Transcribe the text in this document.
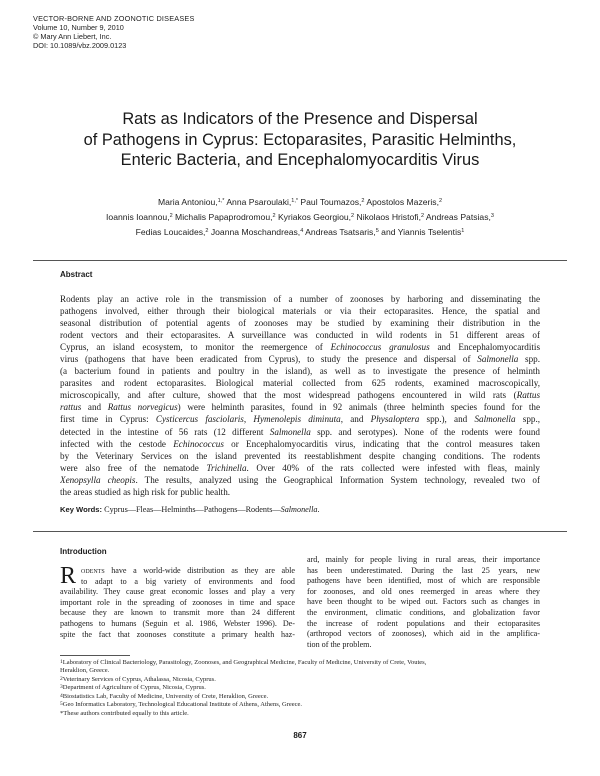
VECTOR-BORNE AND ZOONOTIC DISEASES
Volume 10, Number 9, 2010
© Mary Ann Liebert, Inc.
DOI: 10.1089/vbz.2009.0123
Rats as Indicators of the Presence and Dispersal
of Pathogens in Cyprus: Ectoparasites, Parasitic Helminths,
Enteric Bacteria, and Encephalomyocarditis Virus
Maria Antoniou,$^{1,*}$ Anna Psaroulaki,$^{1,*}$ Paul Toumazos,$^2$ Apostolos Mazeris,$^2$
Ioannis Ioannou,$^2$ Michalis Papaprodromou,$^2$ Kyriakos Georgiou,$^2$ Nikolaos Hristofi,$^2$ Andreas Patsias,$^3$
Fedias Loucaides,$^2$ Joanna Moschandreas,$^4$ Andreas Tsatsaris,$^5$ and Yiannis Tselentis$^1$
Abstract
Rodents play an active role in the transmission of a number of zoonoses by harboring and disseminating the
pathogens involved, either through their biological materials or via their ectoparasites. Hence, the spatial and
seasonal distribution of potential agents of zoonoses may be studied by examining their distribution in the
rodent vectors and their ectoparasites. A surveillance was conducted in wild rodents in 51 different areas of
Cyprus, an island ecosystem, to monitor the reemergence of Echinococcus granulosus and Encephalomyocarditis
virus (pathogens that have been eradicated from Cyprus), to study the presence and dispersal of Salmonella spp.
(a bacterium found in patients and poultry in the island), as well as to investigate the presence of helminth
parasites and rodent ectoparasites. Biological material collected from 625 rodents, examined macroscopically,
microscopically, and after culture, showed that the most widespread pathogens encountered in wild rats (Rattus
rattus and Rattus norvegicus) were helminth parasites, found in 92 animals (three helminth species found for the
first time in Cyprus: Cysticercus fasciolaris, Hymenolepis diminuta, and Physaloptera spp.), and Salmonella spp.,
detected in the intestine of 56 rats (12 different Salmonella spp. and serotypes). None of the rodents were found
infected with the cestode Echinococcus or Encephalomyocarditis virus, indicating that the control measures taken
by the Veterinary Services on the island prevented its reestablishment despite changing conditions. The rodents
were also free of the nematode Trichinella. Over 40% of the rats collected were infested with fleas, mainly
Xenopsylla cheopis. The results, analyzed using the Geographical Information System technology, revealed two of
the areas studied as high risk for public health.
Key Words: Cyprus—Fleas—Helminths—Pathogens—Rodents—Salmonella.
Introduction
R odents have a world-wide distribution as they are able
to adapt to a big variety of environments and food
availability. They cause great economic losses and play a very
important role in the spreading of zoonoses in time and space
because they are known to transmit more than 24 different
pathogens to humans (Seguin et al. 1986, Webster 1996). De-
spite the fact that zoonoses constitute a primary health haz-
ard, mainly for people living in rural areas, their importance
has been underestimated. During the last 25 years, new
pathogens have been identified, most of which are responsible
for zoonoses, and old ones reemerged in areas where they
have been thought to be wiped out. Factors such as changes in
the environment, climatic conditions, and globalization favor
the increase of rodent populations and their ectoparasites
(arthropod vectors of zoonoses), which aid in the amplifica-
tion of the problem.
$^1$Laboratory of Clinical Bacteriology, Parasitology, Zoonoses, and Geographical Medicine, Faculty of Medicine, University of Crete, Voutes,
Heraklion, Greece.
$^2$Veterinary Services of Cyprus, Athalassa, Nicosia, Cyprus.
$^3$Department of Agriculture of Cyprus, Nicosia, Cyprus.
$^4$Biostatistics Lab, Faculty of Medicine, University of Crete, Heraklion, Greece.
$^5$Geo Informatics Laboratory, Technological Educational Institute of Athens, Athens, Greece.
*These authors contributed equally to this article.
867
